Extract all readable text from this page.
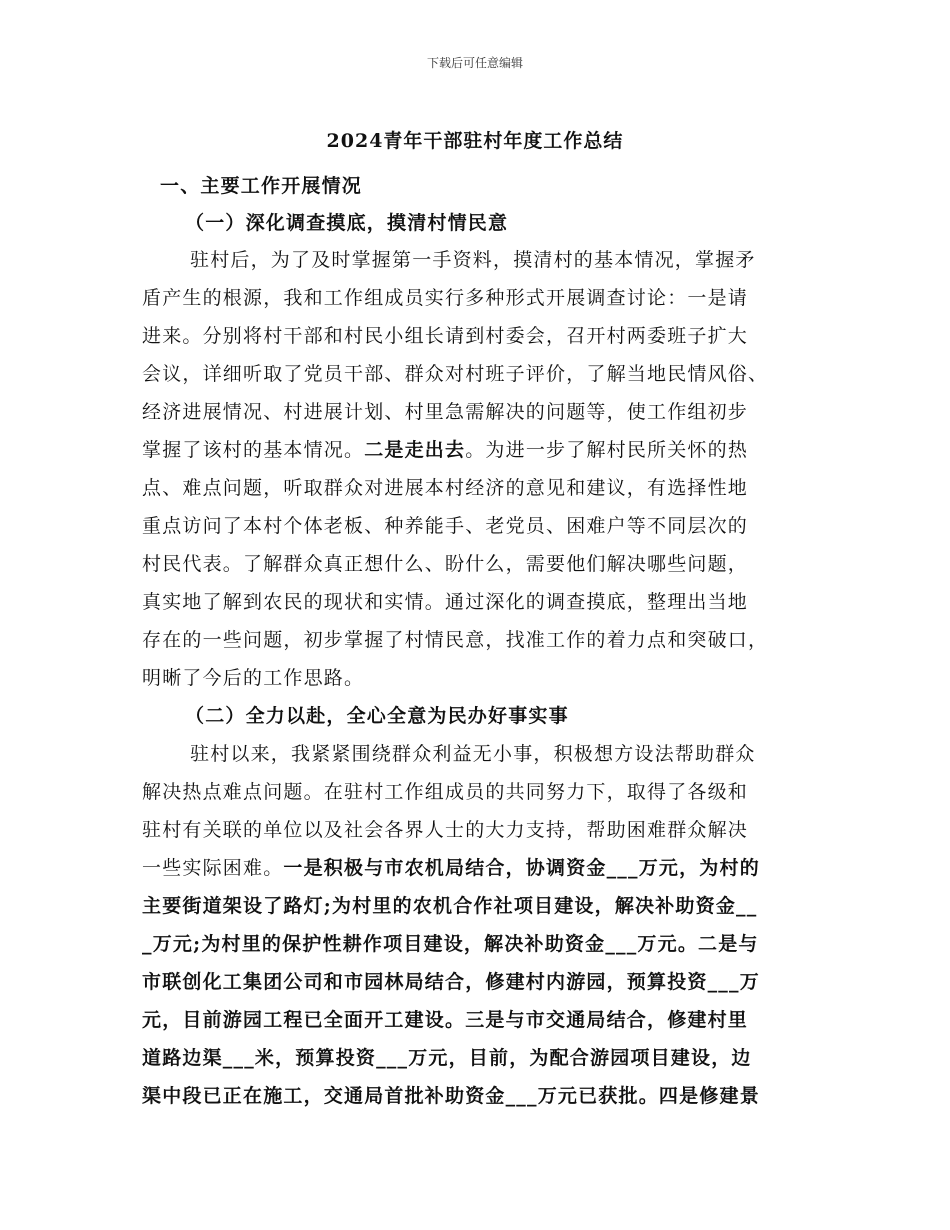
下载后可任意编辑
2024青年干部驻村年度工作总结
一、主要工作开展情况
（一）深化调查摸底，摸清村情民意
驻村后，为了及时掌握第一手资料，摸清村的基本情况，掌握矛
盾产生的根源，我和工作组成员实行多种形式开展调查讨论：一是请
进来。分别将村干部和村民小组长请到村委会，召开村两委班子扩大
会议，详细听取了党员干部、群众对村班子评价，了解当地民情风俗、
经济进展情况、村进展计划、村里急需解决的问题等，使工作组初步
掌握了该村的基本情况。二是走出去。为进一步了解村民所关怀的热
点、难点问题，听取群众对进展本村经济的意见和建议，有选择性地
重点访问了本村个体老板、种养能手、老党员、困难户等不同层次的
村民代表。了解群众真正想什么、盼什么，需要他们解决哪些问题，
真实地了解到农民的现状和实情。通过深化的调查摸底，整理出当地
存在的一些问题，初步掌握了村情民意，找准工作的着力点和突破口，
明晰了今后的工作思路。
（二）全力以赴，全心全意为民办好事实事
驻村以来，我紧紧围绕群众利益无小事，积极想方设法帮助群众
解决热点难点问题。在驻村工作组成员的共同努力下，取得了各级和
驻村有关联的单位以及社会各界人士的大力支持，帮助困难群众解决
一些实际困难。一是积极与市农机局结合，协调资金___万元，为村的
主要街道架设了路灯;为村里的农机合作社项目建设，解决补助资金__
_万元;为村里的保护性耕作项目建设，解决补助资金___万元。二是与
市联创化工集团公司和市园林局结合，修建村内游园，预算投资___万
元，目前游园工程已全面开工建设。三是与市交通局结合，修建村里
道路边渠___米，预算投资___万元，目前，为配合游园项目建设，边
渠中段已正在施工，交通局首批补助资金___万元已获批。四是修建景
